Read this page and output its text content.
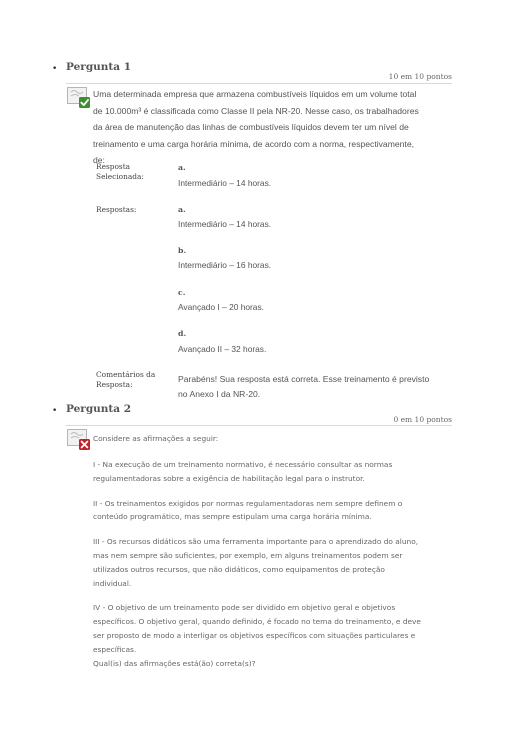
• Pergunta 1
10 em 10 pontos
Uma determinada empresa que armazena combustíveis líquidos em um volume total de 10.000m³ é classificada como Classe II pela NR-20. Nesse caso, os trabalhadores da área de manutenção das linhas de combustíveis líquidos devem ter um nível de treinamento e uma carga horária mínima, de acordo com a norma, respectivamente, de:
Resposta Selecionada:
a.
Intermediário – 14 horas.
Respostas:	a.
Intermediário – 14 horas.
b.
Intermediário – 16 horas.
c.
Avançado I – 20 horas.
d.
Avançado II – 32 horas.
Comentários da Resposta:
Parabéns! Sua resposta está correta. Esse treinamento é previsto no Anexo I da NR-20.
• Pergunta 2
0 em 10 pontos
Considere as afirmações a seguir:

I - Na execução de um treinamento normativo, é necessário consultar as normas regulamentadoras sobre a exigência de habilitação legal para o instrutor.

II - Os treinamentos exigidos por normas regulamentadoras nem sempre definem o conteúdo programático, mas sempre estipulam uma carga horária mínima.

III - Os recursos didáticos são uma ferramenta importante para o aprendizado do aluno, mas nem sempre são suficientes, por exemplo, em alguns treinamentos podem ser utilizados outros recursos, que não didáticos, como equipamentos de proteção individual.

IV - O objetivo de um treinamento pode ser dividido em objetivo geral e objetivos específicos. O objetivo geral, quando definido, é focado no tema do treinamento, e deve ser proposto de modo a interligar os objetivos específicos com situações particulares e específicas.

Qual(is) das afirmações está(ão) correta(s)?
